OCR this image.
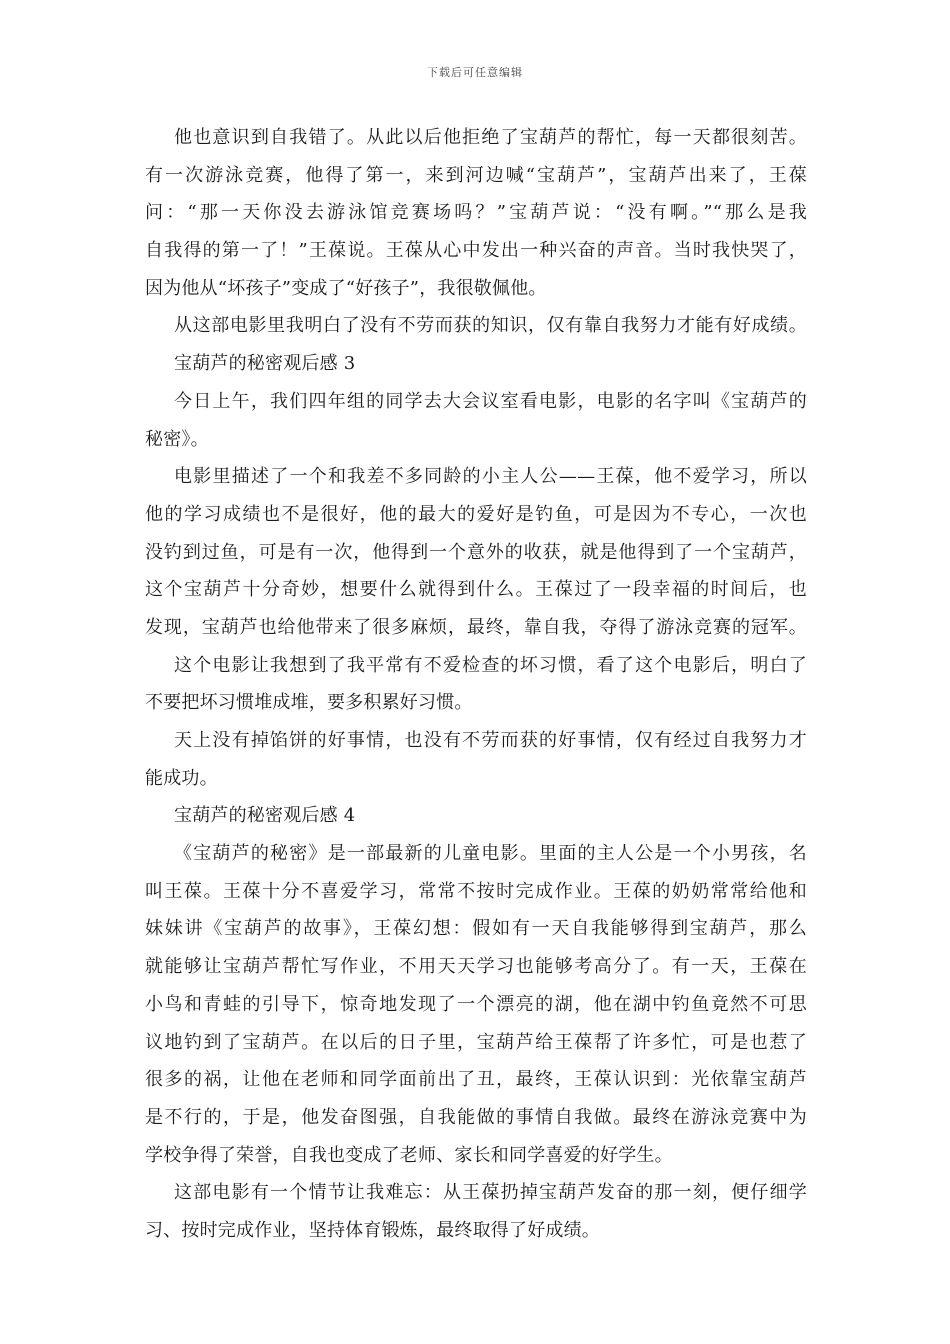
下载后可任意编辑
他也意识到自我错了。从此以后他拒绝了宝葫芦的帮忙，每一天都很刻苦。
有一次游泳竞赛，他得了第一，来到河边喊“宝葫芦”，宝葫芦出来了，王葆
问：“那一天你没去游泳馆竞赛场吗？”宝葫芦说：“没有啊。”“那么是我
自我得的第一了！”王葆说。王葆从心中发出一种兴奋的声音。当时我快哭了，
因为他从“坏孩子”变成了“好孩子”，我很敬佩他。
从这部电影里我明白了没有不劳而获的知识，仅有靠自我努力才能有好成绩。
宝葫芦的秘密观后感 3
今日上午，我们四年组的同学去大会议室看电影，电影的名字叫《宝葫芦的
秘密》。
电影里描述了一个和我差不多同龄的小主人公——王葆，他不爱学习，所以
他的学习成绩也不是很好，他的最大的爱好是钓鱼，可是因为不专心，一次也
没钓到过鱼，可是有一次，他得到一个意外的收获，就是他得到了一个宝葫芦，
这个宝葫芦十分奇妙，想要什么就得到什么。王葆过了一段幸福的时间后，也
发现，宝葫芦也给他带来了很多麻烦，最终，靠自我，夺得了游泳竞赛的冠军。
这个电影让我想到了我平常有不爱检查的坏习惯，看了这个电影后，明白了
不要把坏习惯堆成堆，要多积累好习惯。
天上没有掉馅饼的好事情，也没有不劳而获的好事情，仅有经过自我努力才
能成功。
宝葫芦的秘密观后感 4
《宝葫芦的秘密》是一部最新的儿童电影。里面的主人公是一个小男孩，名
叫王葆。王葆十分不喜爱学习，常常不按时完成作业。王葆的奶奶常常给他和
妹妹讲《宝葫芦的故事》，王葆幻想：假如有一天自我能够得到宝葫芦，那么
就能够让宝葫芦帮忙写作业，不用天天学习也能够考高分了。有一天，王葆在
小鸟和青蛙的引导下，惊奇地发现了一个漂亮的湖，他在湖中钓鱼竟然不可思
议地钓到了宝葫芦。在以后的日子里，宝葫芦给王葆帮了许多忙，可是也惹了
很多的祸，让他在老师和同学面前出了丑，最终，王葆认识到：光依靠宝葫芦
是不行的，于是，他发奋图强，自我能做的事情自我做。最终在游泳竞赛中为
学校争得了荣誉，自我也变成了老师、家长和同学喜爱的好学生。
这部电影有一个情节让我难忘：从王葆扔掉宝葫芦发奋的那一刻，便仔细学
习、按时完成作业，坚持体育锻炼，最终取得了好成绩。
